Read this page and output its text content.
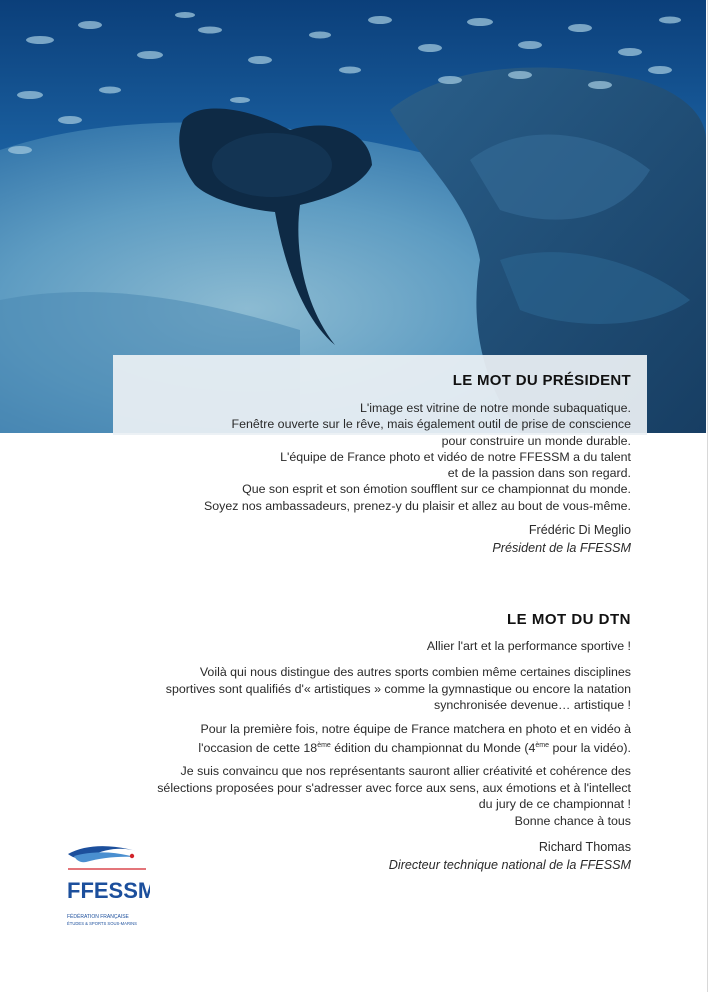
LE MOT DU PRÉSIDENT
L'image est vitrine de notre monde subaquatique.
Fenêtre ouverte sur le rêve, mais également outil de prise de conscience
pour construire un monde durable.
L'équipe de France photo et vidéo de notre FFESSM a du talent
et de la passion dans son regard.
Que son esprit et son émotion soufflent sur ce championnat du monde.
Soyez nos ambassadeurs, prenez-y du plaisir et allez au bout de vous-même.
Frédéric Di Meglio
Président de la FFESSM
LE MOT DU DTN
Allier l'art et la performance sportive !
Voilà qui nous distingue des autres sports combien même certaines disciplines
sportives sont qualifiés d'« artistiques » comme la gymnastique ou encore la natation
synchronisée devenue… artistique !
Pour la première fois, notre équipe de France matchera en photo et en vidéo à
l'occasion de cette 18ème édition du championnat du Monde (4ème pour la vidéo).
Je suis convaincu que nos représentants sauront allier créativité et cohérence des
sélections proposées pour s'adresser avec force aux sens, aux émotions et à l'intellect
du jury de ce championnat !
Bonne chance à tous
Richard Thomas
Directeur technique national de la FFESSM
FFESSM
FÉDÉRATION FRANÇAISE
ÉTUDES & SPORTS SOUS-MARINS
